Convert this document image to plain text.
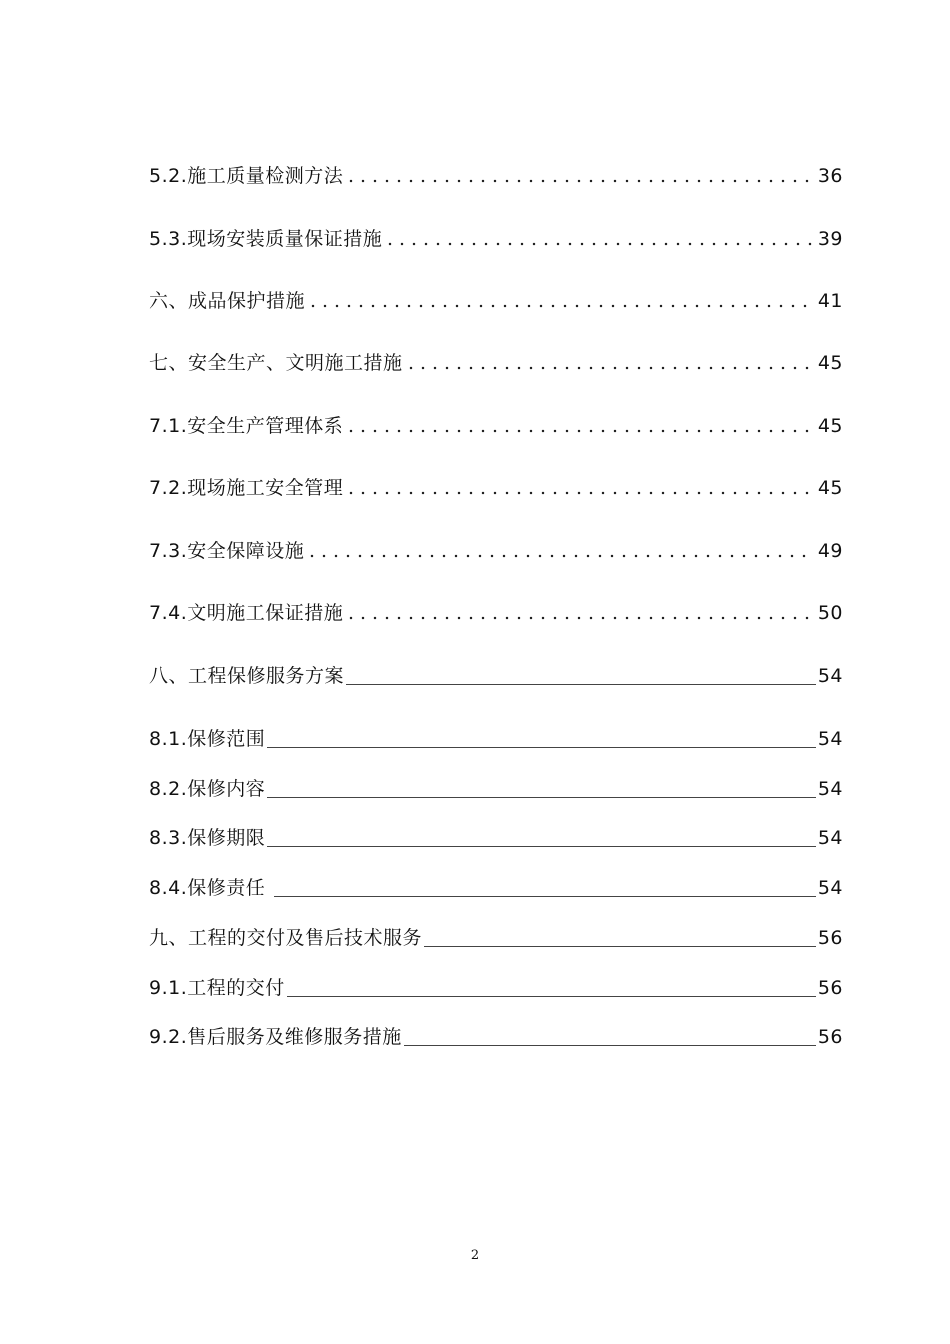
5.2.施工质量检测方法	36
5.3.现场安装质量保证措施	39
六、成品保护措施	41
七、安全生产、文明施工措施	45
7.1.安全生产管理体系	45
7.2.现场施工安全管理	45
7.3.安全保障设施	49
7.4.文明施工保证措施	50
八、工程保修服务方案	54
8.1.保修范围	54
8.2.保修内容	54
8.3.保修期限	54
8.4.保修责任	54
九、工程的交付及售后技术服务	56
9.1.工程的交付	56
9.2.售后服务及维修服务措施	56
2
